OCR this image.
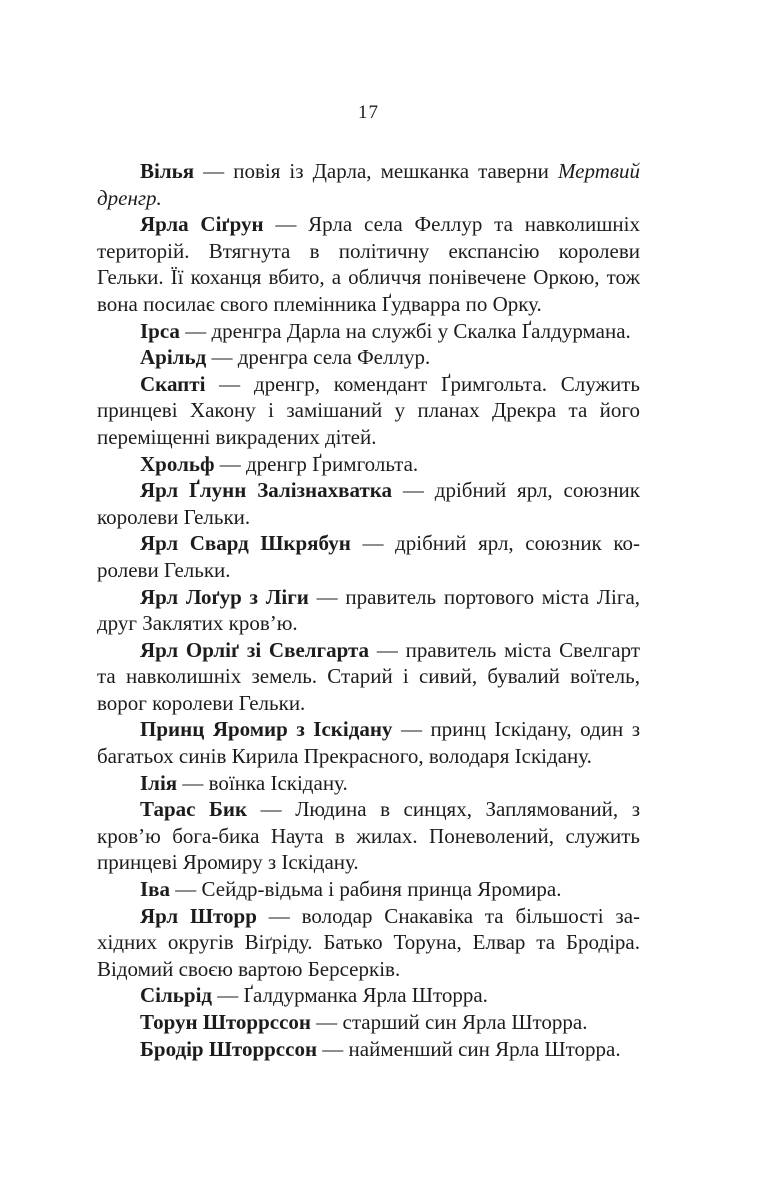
17

Вілья — повія із Дарла, мешканка таверни Мертвий дренгр.

Ярла Сіґрун — Ярла села Феллур та навколишніх територій. Втягнута в політичну експансію королеви Гельки. Її коханця вбито, а обличчя понівечене Оркою, тож вона посилає свого племінника Ґудварра по Орку.

Ірса — дренгра Дарла на службі у Скалка Ґалдурмана.

Арільд — дренгра села Феллур.

Скапті — дренгр, комендант Ґримгольта. Служить принцеві Хакону і замішаний у планах Дрекра та його переміщенні викрадених дітей.

Хрольф — дренгр Ґримгольта.

Ярл Ґлунн Залізнахватка — дрібний ярл, союзник королеви Гельки.

Ярл Свард Шкрябун — дрібний ярл, союзник королеви Гельки.

Ярл Лоґур з Ліги — правитель портового міста Ліга, друг Заклятих кров’ю.

Ярл Орліґ зі Свелгарта — правитель міста Свелгарт та навколишніх земель. Старий і сивий, бувалий воїтель, ворог королеви Гельки.

Принц Яромир з Іскідану — принц Іскідану, один з багатьох синів Кирила Прекрасного, володаря Іскідану.

Ілія — воїнка Іскідану.

Тарас Бик — Людина в синцях, Заплямований, з кров’ю бога-бика Наута в жилах. Поневолений, служить принцеві Яромиру з Іскідану.

Іва — Сейдр-відьма і рабиня принца Яромира.

Ярл Шторр — володар Снакавіка та більшості західних округів Віґріду. Батько Торуна, Елвар та Бродіра. Відомий своєю вартою Берсерків.

Сільрід — Ґалдурманка Ярла Шторра.

Торун Шторрссон — старший син Ярла Шторра.

Бродір Шторрссон — найменший син Ярла Шторра.
